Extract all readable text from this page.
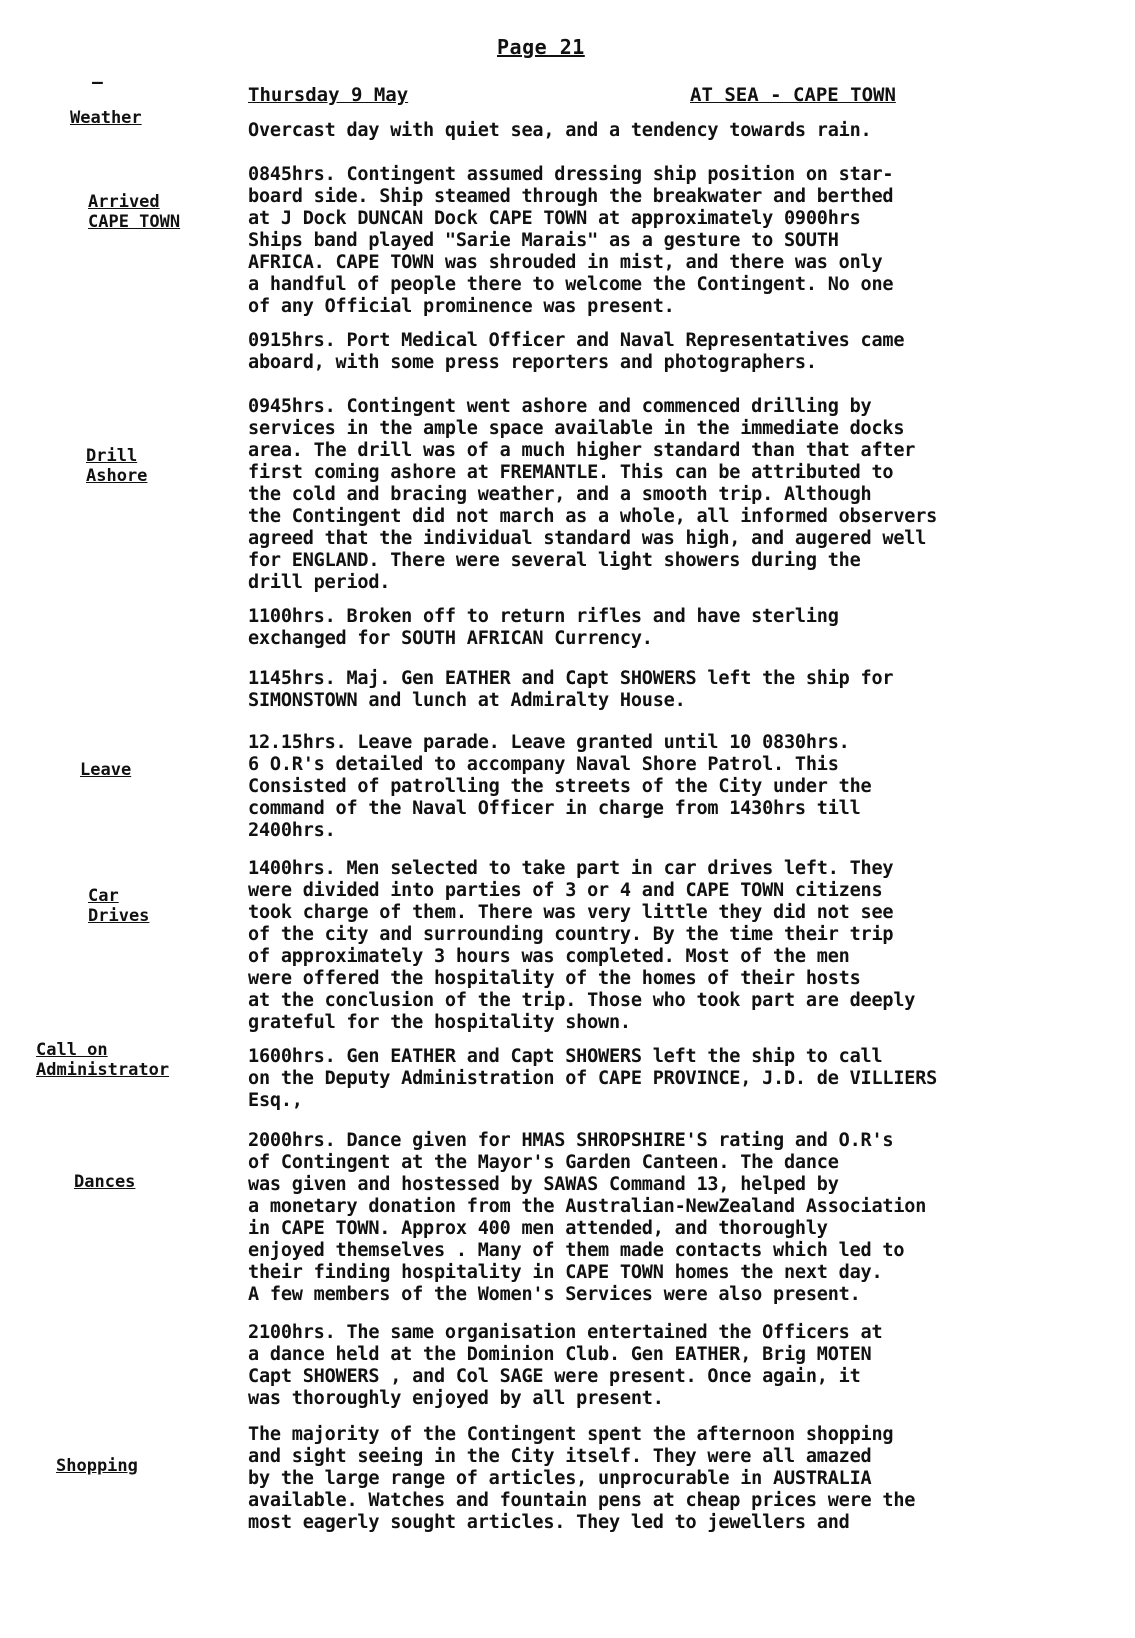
Page 21
—
Thursday 9 May	AT SEA - CAPE TOWN
Weather
Arrived
CAPE TOWN
Drill
Ashore
Leave
Car
Drives
Call on
Administrator
Dances
Shopping
Overcast day with quiet sea, and a tendency towards rain.
0845hrs. Contingent assumed dressing ship position on star-
board side. Ship steamed through the breakwater and berthed
at J Dock DUNCAN Dock CAPE TOWN at approximately 0900hrs
Ships band played "Sarie Marais" as a gesture to SOUTH
AFRICA. CAPE TOWN was shrouded in mist, and there was only
a handful of people there to welcome the Contingent. No one
of any Official prominence was present.
0915hrs. Port Medical Officer and Naval Representatives came
aboard, with some press reporters and photographers.
0945hrs. Contingent went ashore and commenced drilling by
services in the ample space available in the immediate docks
area. The drill was of a much higher standard than that after
first coming ashore at FREMANTLE. This can be attributed to
the cold and bracing weather, and a smooth trip. Although
the Contingent did not march as a whole, all informed observers
agreed that the individual standard was high, and augered well
for ENGLAND. There were several light showers during the
drill period.
1100hrs. Broken off to return rifles and have sterling
exchanged for SOUTH AFRICAN Currency.
1145hrs. Maj. Gen EATHER and Capt SHOWERS left the ship for
SIMONSTOWN and lunch at Admiralty House.
12.15hrs. Leave parade. Leave granted until 10 0830hrs.
6 O.R's detailed to accompany Naval Shore Patrol. This
Consisted of patrolling the streets of the City under the
command of the Naval Officer in charge from 1430hrs till
2400hrs.
1400hrs. Men selected to take part in car drives left. They
were divided into parties of 3 or 4 and CAPE TOWN citizens
took charge of them. There was very little they did not see
of the city and surrounding country. By the time their trip
of approximately 3 hours was completed. Most of the men
were offered the hospitality of the homes of their hosts
at the conclusion of the trip. Those who took part are deeply
grateful for the hospitality shown.
1600hrs. Gen EATHER and Capt SHOWERS left the ship to call
on the Deputy Administration of CAPE PROVINCE, J.D. de VILLIERS
Esq.,
2000hrs. Dance given for HMAS SHROPSHIRE'S rating and O.R's
of Contingent at the Mayor's Garden Canteen. The dance
was given and hostessed by SAWAS Command 13, helped by
a monetary donation from the Australian-NewZealand Association
in CAPE TOWN. Approx 400 men attended, and thoroughly
enjoyed themselves . Many of them made contacts which led to
their finding hospitality in CAPE TOWN homes the next day.
A few members of the Women's Services were also present.
2100hrs. The same organisation entertained the Officers at
a dance held at the Dominion Club. Gen EATHER, Brig MOTEN
Capt SHOWERS , and Col SAGE were present. Once again, it
was thoroughly enjoyed by all present.
The majority of the Contingent spent the afternoon shopping
and sight seeing in the City itself. They were all amazed
by the large range of articles, unprocurable in AUSTRALIA
available. Watches and fountain pens at cheap prices were the
most eagerly sought articles. They led to jewellers and
